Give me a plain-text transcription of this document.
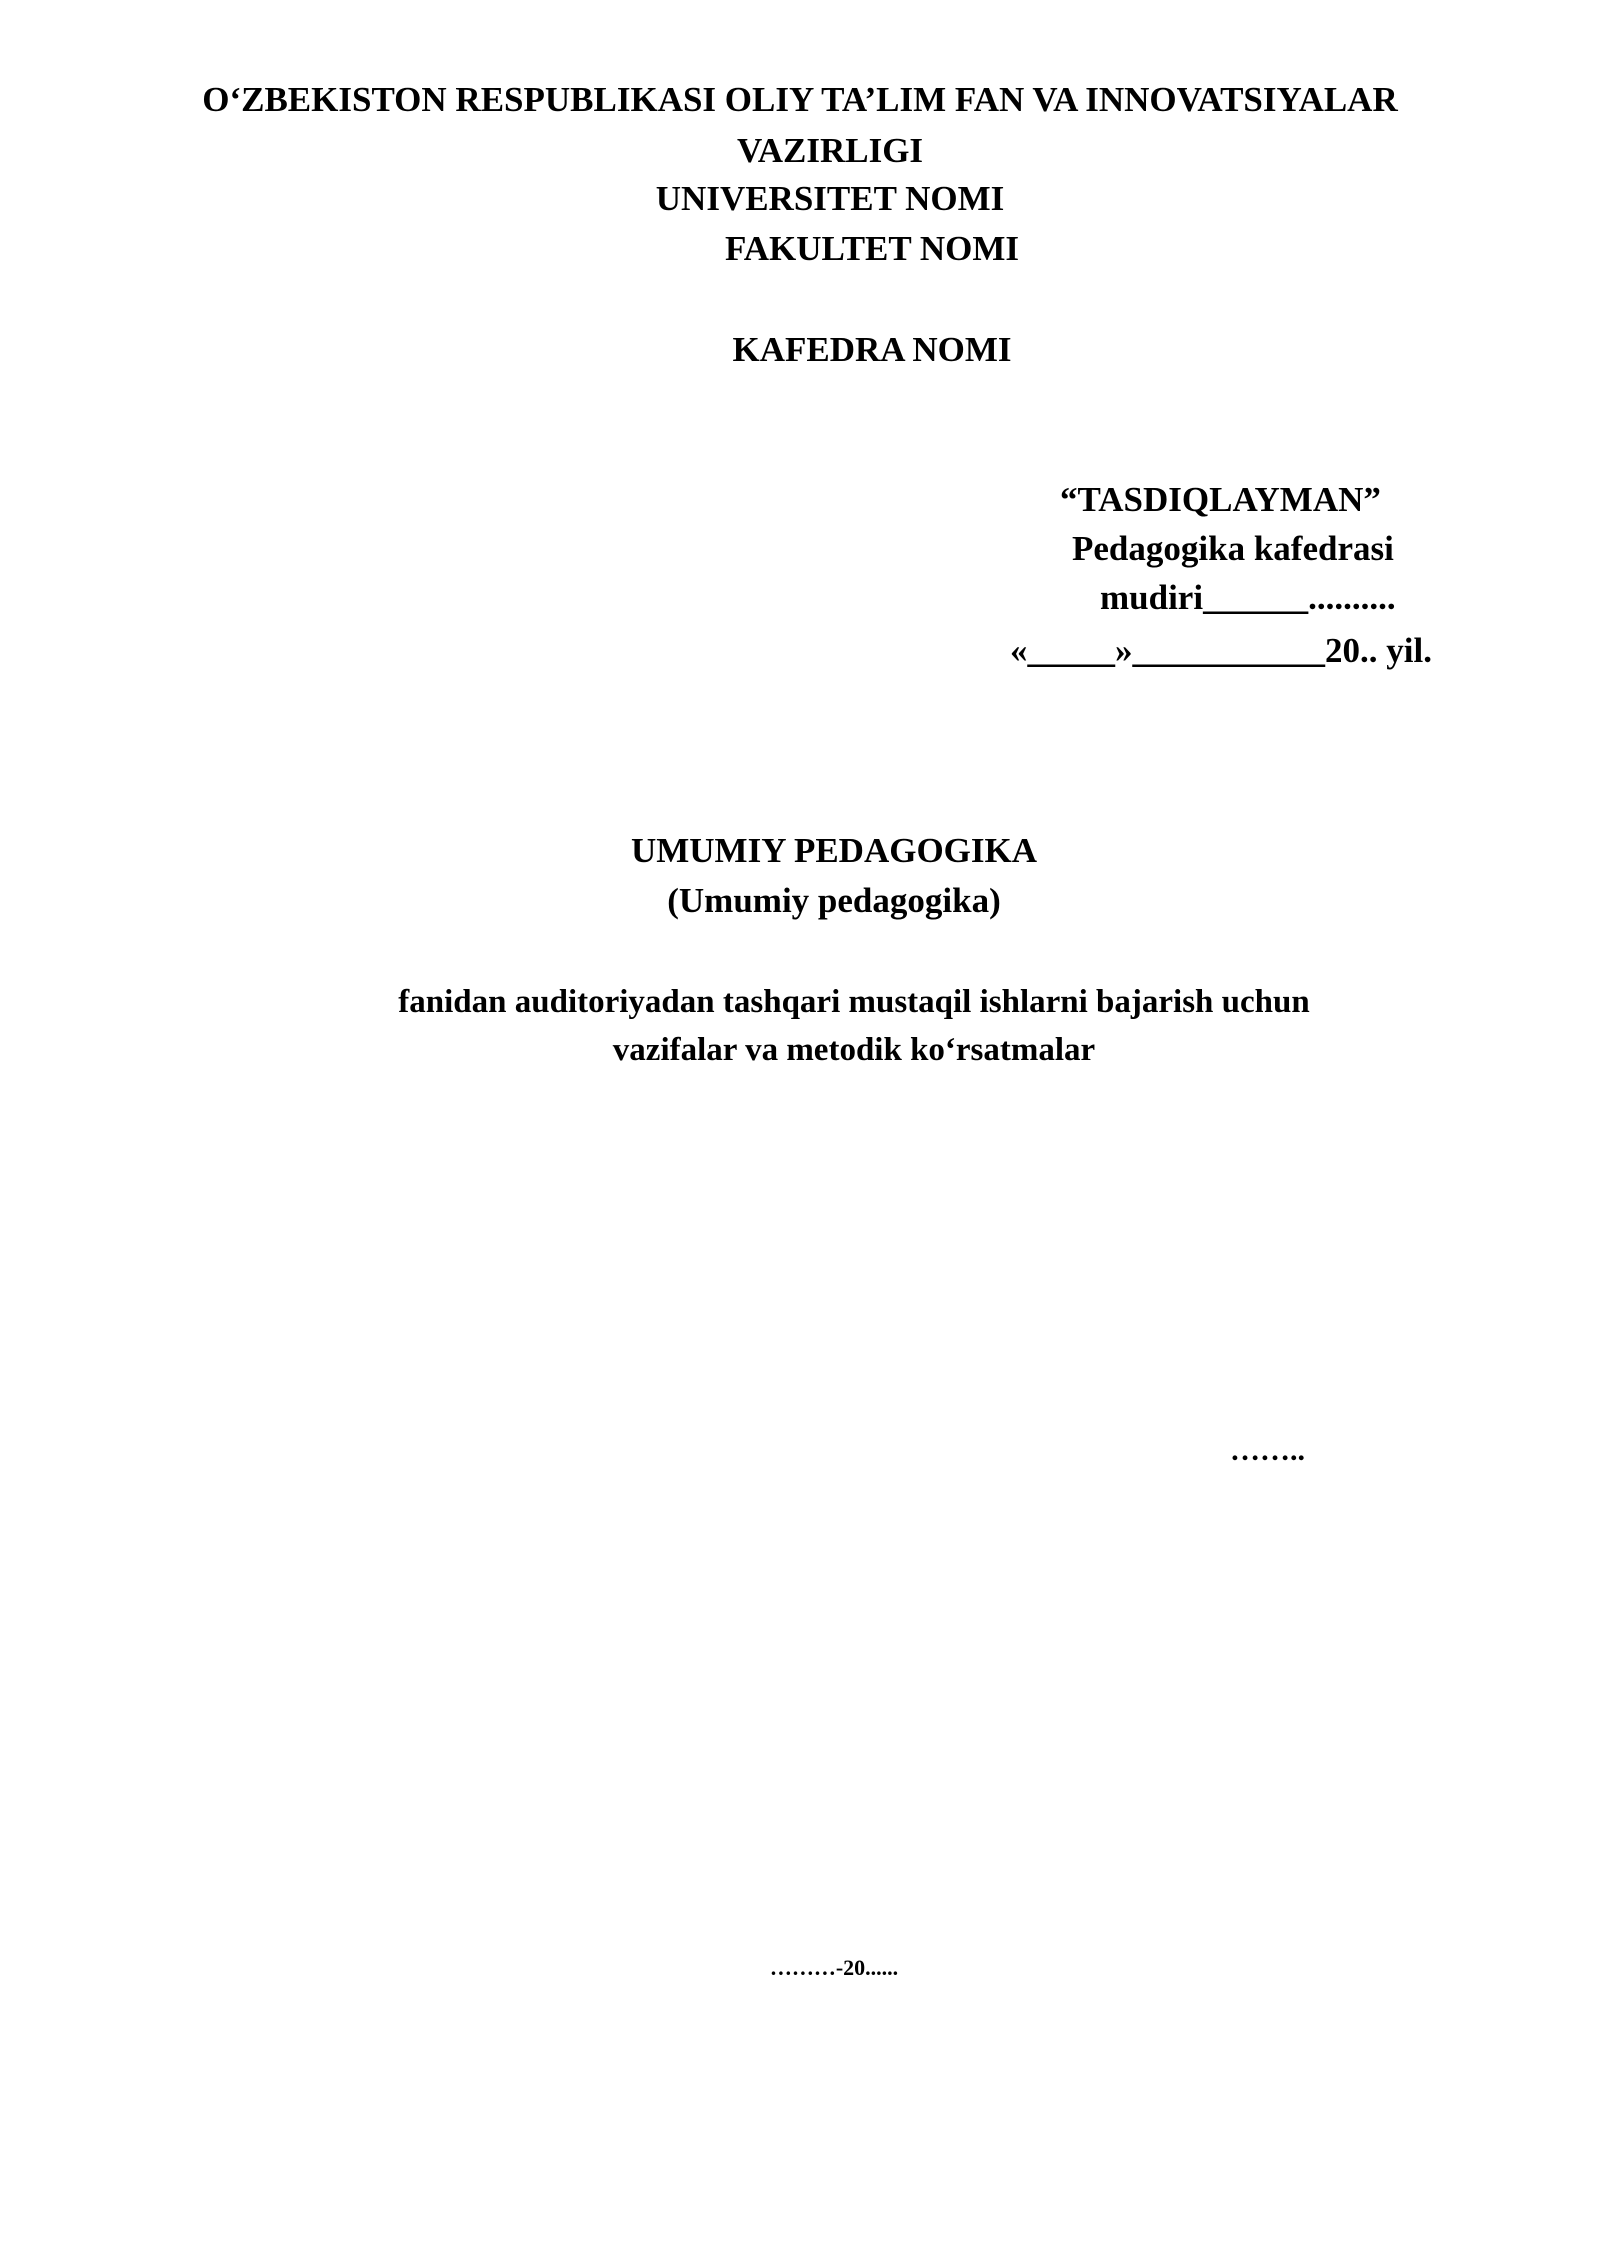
O‘ZBEKISTON RESPUBLIKASI OLIY TA’LIM FAN VA INNOVATSIYALAR
VAZIRLIGI
UNIVERSITET NOMI
FAKULTET NOMI
KAFEDRA NOMI
“TASDIQLAYMAN”
Pedagogika kafedrasi
mudiri______..........
«_____»___________20.. yil.
UMUMIY PEDAGOGIKA
(Umumiy pedagogika)
fanidan auditoriyadan tashqari mustaqil ishlarni bajarish uchun
vazifalar va metodik ko‘rsatmalar
……..
………-20......
